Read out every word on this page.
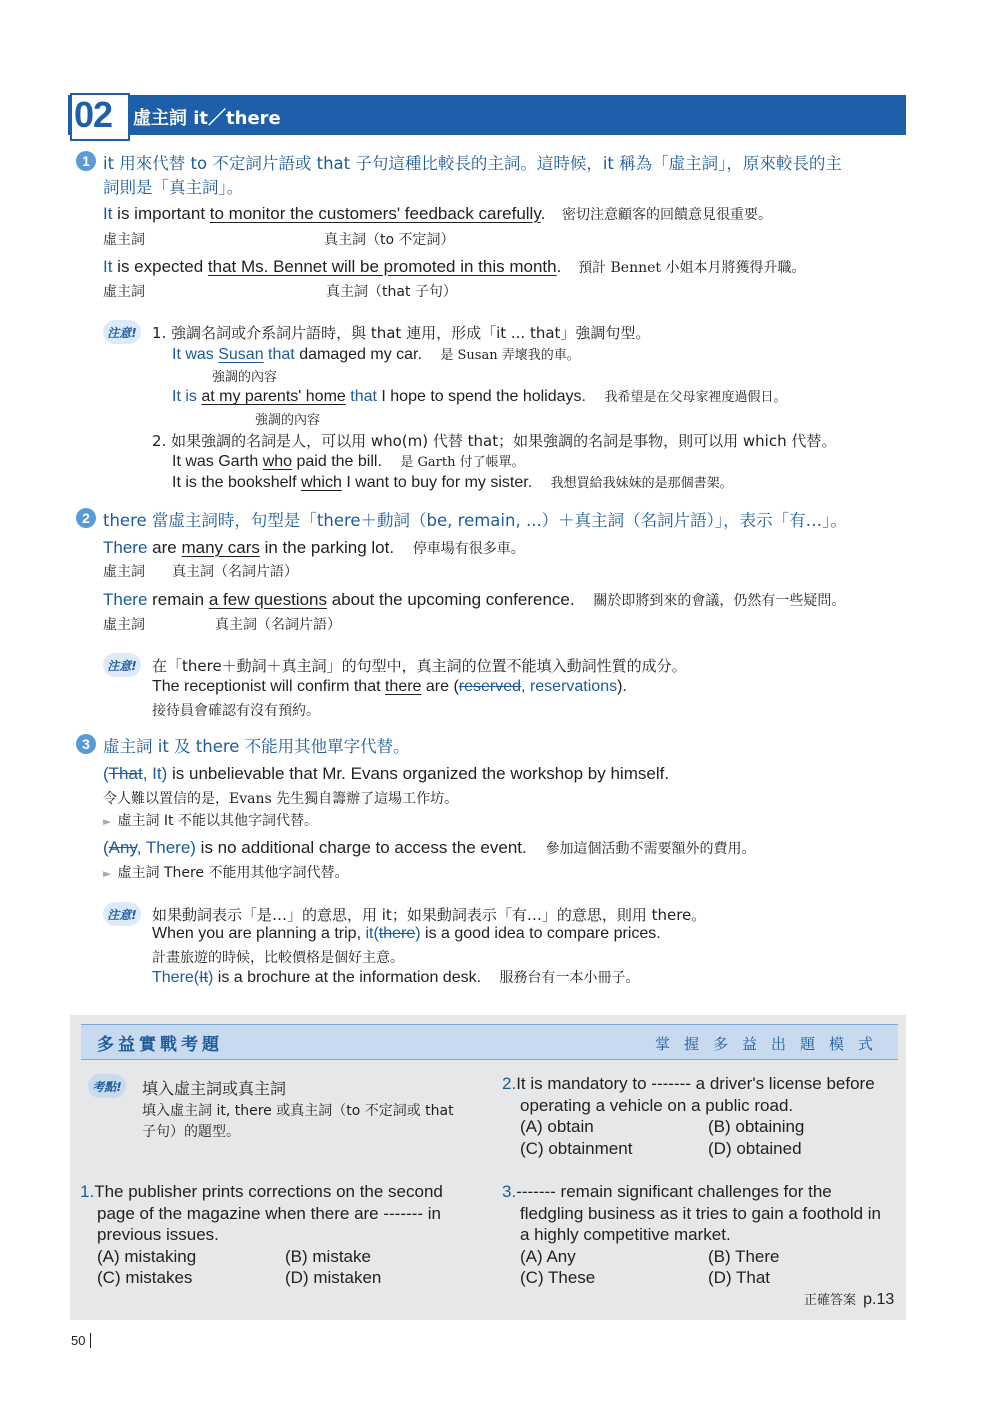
02 虛主詞 it／there
1 it 用來代替 to 不定詞片語或 that 子句這種比較長的主詞。這時候，it 稱為「虛主詞」，原來較長的主
詞則是「真主詞」。
It is important to monitor the customers' feedback carefully. 密切注意顧客的回饋意見很重要。
虛主詞	真主詞（to 不定詞）
It is expected that Ms. Bennet will be promoted in this month. 預計 Bennet 小姐本月將獲得升職。
虛主詞	真主詞（that 子句）
注意! 1. 強調名詞或介系詞片語時，與 that 連用，形成「it ... that」強調句型。
It was Susan that damaged my car. 是 Susan 弄壞我的車。
強調的內容
It is at my parents' home that I hope to spend the holidays. 我希望是在父母家裡度過假日。
強調的內容
2. 如果強調的名詞是人，可以用 who(m) 代替 that；如果強調的名詞是事物，則可以用 which 代替。
It was Garth who paid the bill. 是 Garth 付了帳單。
It is the bookshelf which I want to buy for my sister. 我想買給我妹妹的是那個書架。
2 there 當虛主詞時，句型是「there＋動詞（be, remain, ...）＋真主詞（名詞片語）」，表示「有…」。
There are many cars in the parking lot. 停車場有很多車。
虛主詞 真主詞（名詞片語）
There remain a few questions about the upcoming conference. 關於即將到來的會議，仍然有一些疑問。
虛主詞	真主詞（名詞片語）
注意! 在「there＋動詞＋真主詞」的句型中，真主詞的位置不能填入動詞性質的成分。
The receptionist will confirm that there are (reserved, reservations).
接待員會確認有沒有預約。
3 虛主詞 it 及 there 不能用其他單字代替。
(That, It) is unbelievable that Mr. Evans organized the workshop by himself.
令人難以置信的是，Evans 先生獨自籌辦了這場工作坊。
► 虛主詞 It 不能以其他字詞代替。
(Any, There) is no additional charge to access the event. 參加這個活動不需要額外的費用。
► 虛主詞 There 不能用其他字詞代替。
注意! 如果動詞表示「是…」的意思，用 it；如果動詞表示「有…」的意思，則用 there。
When you are planning a trip, it(there) is a good idea to compare prices.
計畫旅遊的時候，比較價格是個好主意。
There(It) is a brochure at the information desk. 服務台有一本小冊子。
多益實戰考題	掌握多益出題模式
考點! 填入虛主詞或真主詞
填入虛主詞 it, there 或真主詞（to 不定詞或 that
子句）的題型。
1.The publisher prints corrections on the second
page of the magazine when there are ------- in
previous issues.
(A) mistaking	(B) mistake
(C) mistakes	(D) mistaken
2.It is mandatory to ------- a driver's license before
operating a vehicle on a public road.
(A) obtain	(B) obtaining
(C) obtainment	(D) obtained
3.------- remain significant challenges for the
fledgling business as it tries to gain a foothold in
a highly competitive market.
(A) Any	(B) There
(C) These	(D) That
正確答案 p.13
50
